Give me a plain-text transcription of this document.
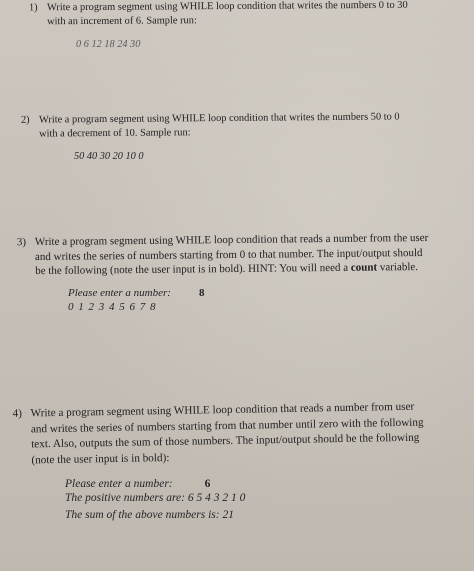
1) Write a program segment using WHILE loop condition that writes the numbers 0 to 30
with an increment of 6. Sample run:
0 6 12 18 24 30
2) Write a program segment using WHILE loop condition that writes the numbers 50 to 0
with a decrement of 10. Sample run:
50 40 30 20 10 0
3) Write a program segment using WHILE loop condition that reads a number from the user
and writes the series of numbers starting from 0 to that number. The input/output should
be the following (note the user input is in bold). HINT: You will need a count variable.
Please enter a number:	8
0 1 2 3 4 5 6 7 8
4) Write a program segment using WHILE loop condition that reads a number from user
and writes the series of numbers starting from that number until zero with the following
text. Also, outputs the sum of those numbers. The input/output should be the following
(note the user input is in bold):
Please enter a number:	6
The positive numbers are: 6 5 4 3 2 1 0
The sum of the above numbers is: 21
